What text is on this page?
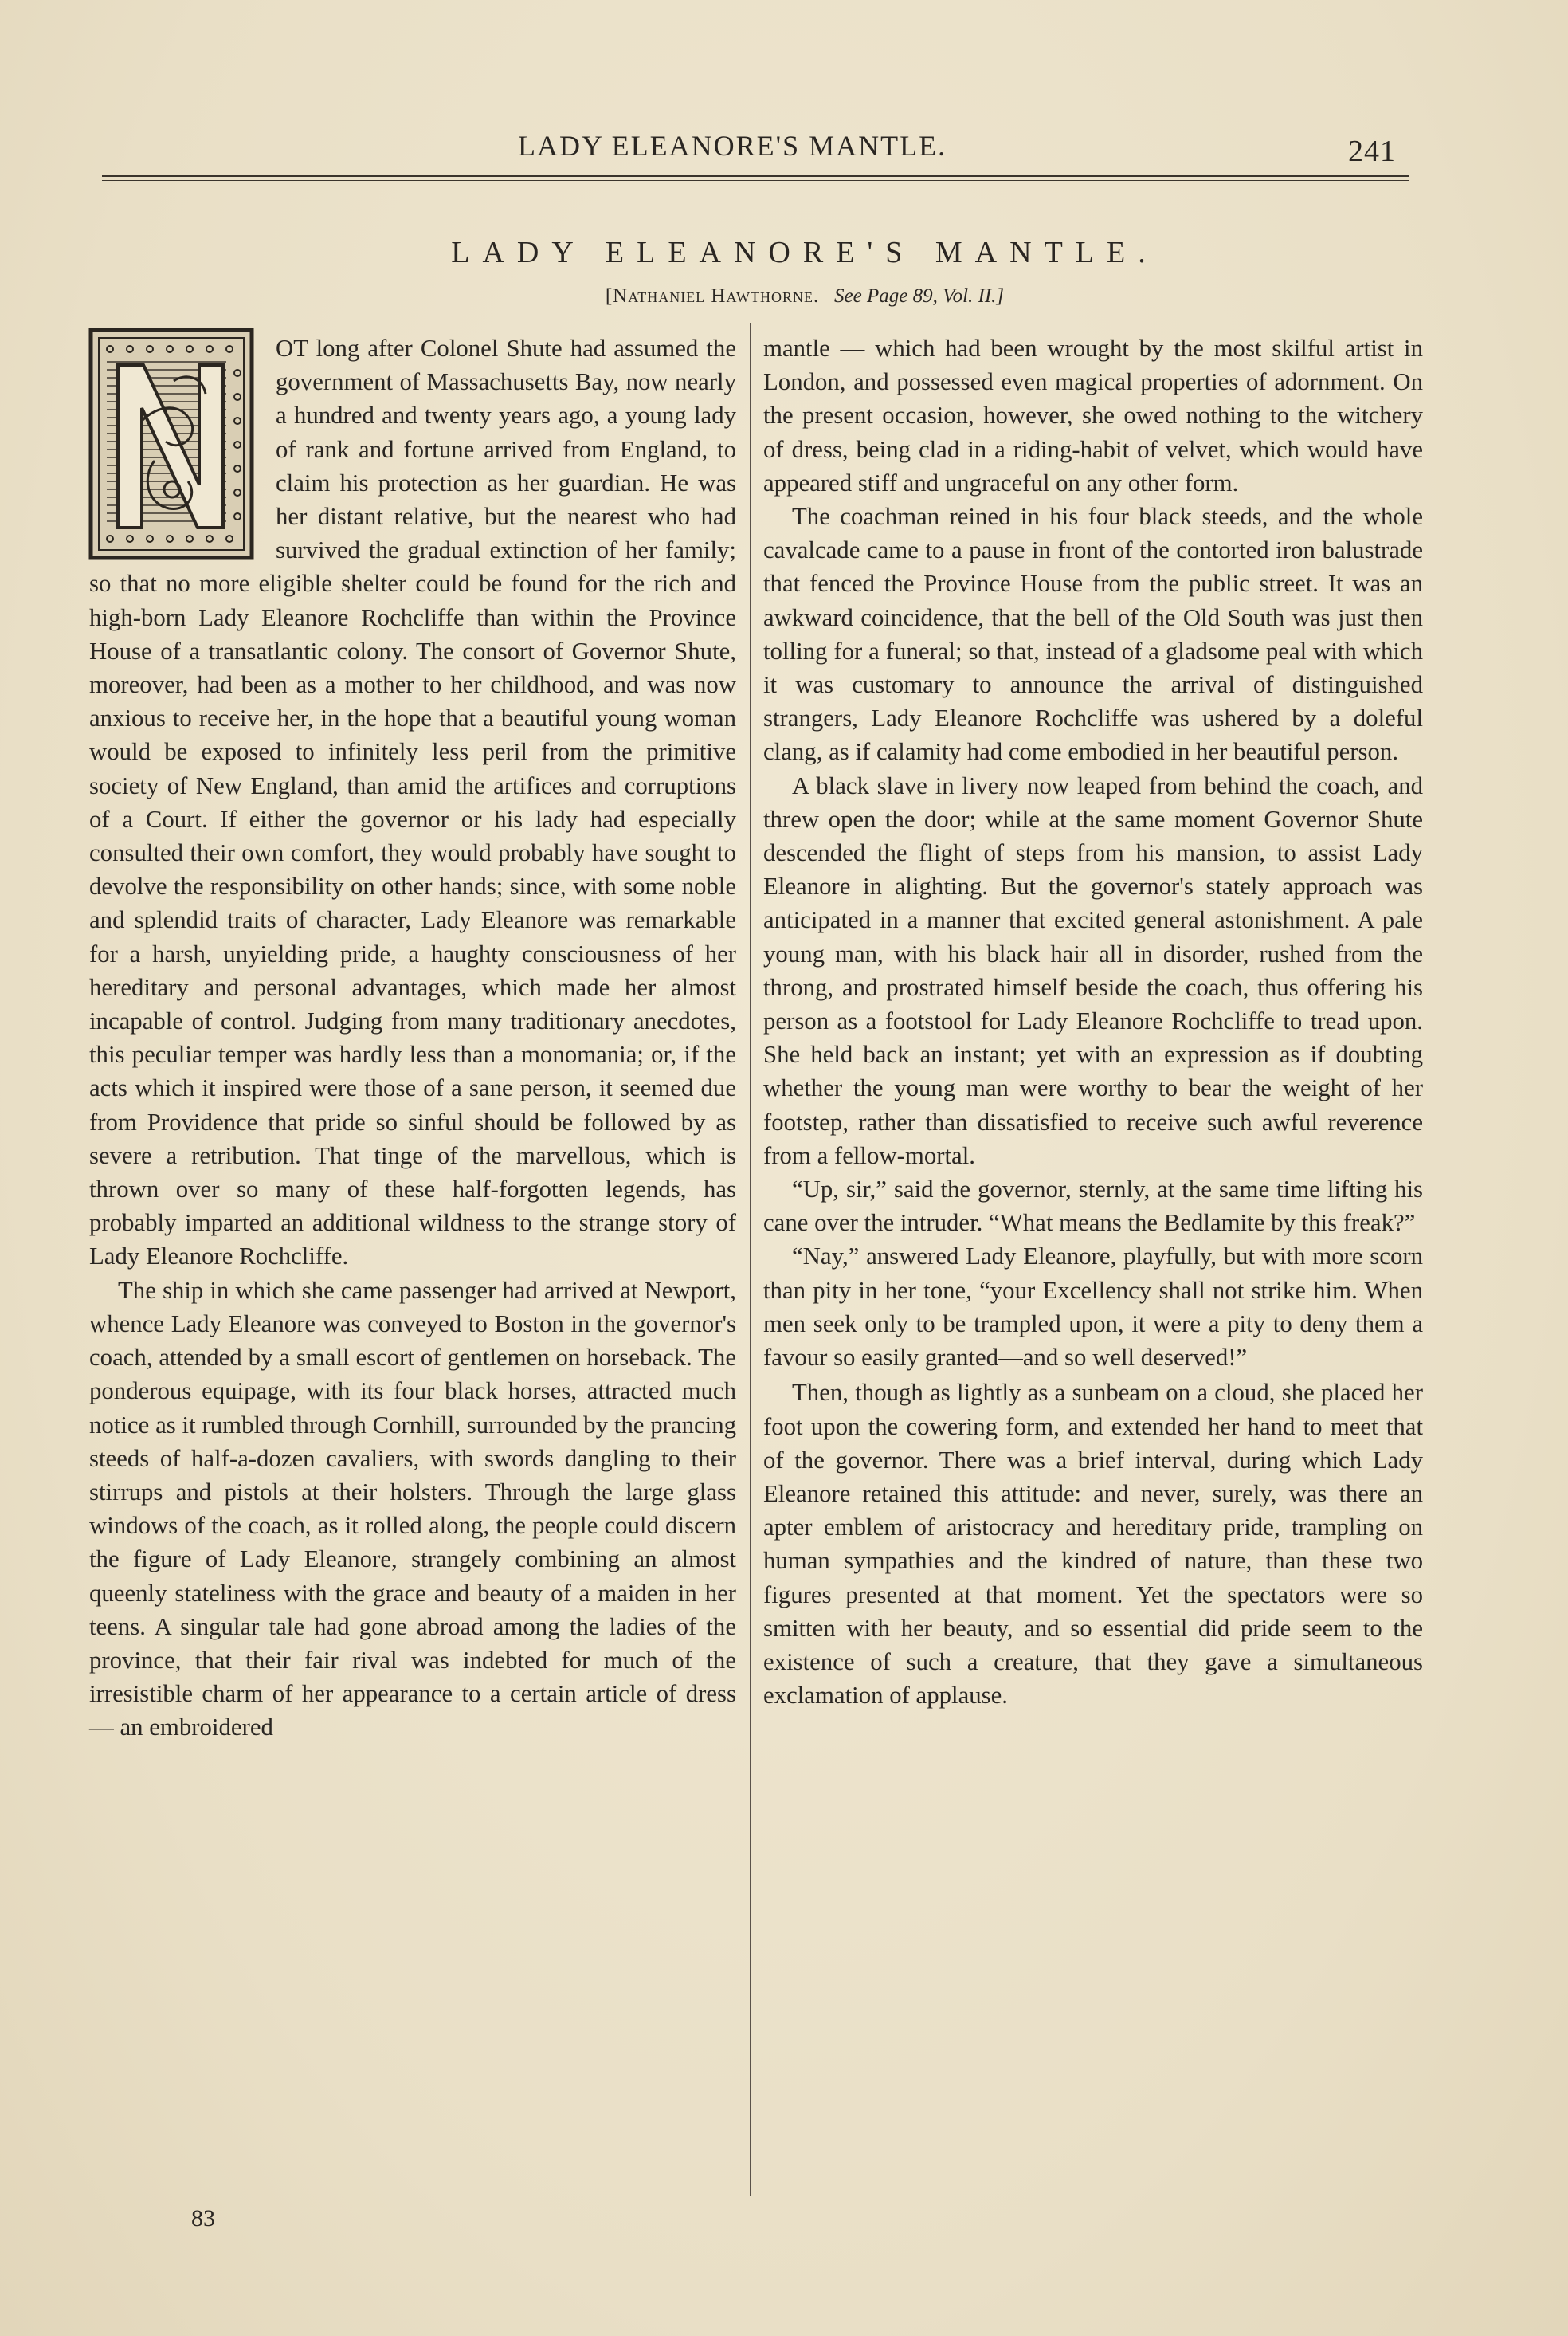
241
LADY ELEANORE'S MANTLE.
LADY ELEANORE'S MANTLE.
[Nathaniel Hawthorne. See Page 89, Vol. II.]

OT long after Colonel Shute had assumed the government of Massachusetts Bay, now nearly a hundred and twenty years ago, a young lady of rank and fortune arrived from England, to claim his protection as her guardian. He was her distant relative, but the nearest who had survived the gradual extinction of her family; so that no more eligible shelter could be found for the rich and high-born Lady Eleanore Rochcliffe than within the Province House of a transatlantic colony. The consort of Governor Shute, moreover, had been as a mother to her childhood, and was now anxious to receive her, in the hope that a beautiful young woman would be exposed to infinitely less peril from the primitive society of New England, than amid the artifices and corruptions of a Court. If either the governor or his lady had especially consulted their own comfort, they would probably have sought to devolve the responsibility on other hands; since, with some noble and splendid traits of character, Lady Eleanore was remarkable for a harsh, unyielding pride, a haughty consciousness of her hereditary and personal advantages, which made her almost incapable of control. Judging from many traditionary anecdotes, this peculiar temper was hardly less than a monomania; or, if the acts which it inspired were those of a sane person, it seemed due from Providence that pride so sinful should be followed by as severe a retribution. That tinge of the marvellous, which is thrown over so many of these half-forgotten legends, has probably imparted an additional wildness to the strange story of Lady Eleanore Rochcliffe.

The ship in which she came passenger had arrived at Newport, whence Lady Eleanore was conveyed to Boston in the governor's coach, attended by a small escort of gentlemen on horseback. The ponderous equipage, with its four black horses, attracted much notice as it rumbled through Cornhill, surrounded by the prancing steeds of half-a-dozen cavaliers, with swords dangling to their stirrups and pistols at their holsters. Through the large glass windows of the coach, as it rolled along, the people could discern the figure of Lady Eleanore, strangely combining an almost queenly stateliness with the grace and beauty of a maiden in her teens. A singular tale had gone abroad among the ladies of the province, that their fair rival was indebted for much of the irresistible charm of her appearance to a certain article of dress — an embroidered

mantle — which had been wrought by the most skilful artist in London, and possessed even magical properties of adornment. On the present occasion, however, she owed nothing to the witchery of dress, being clad in a riding-habit of velvet, which would have appeared stiff and ungraceful on any other form.

The coachman reined in his four black steeds, and the whole cavalcade came to a pause in front of the contorted iron balustrade that fenced the Province House from the public street. It was an awkward coincidence, that the bell of the Old South was just then tolling for a funeral; so that, instead of a gladsome peal with which it was customary to announce the arrival of distinguished strangers, Lady Eleanore Rochcliffe was ushered by a doleful clang, as if calamity had come embodied in her beautiful person.

A black slave in livery now leaped from behind the coach, and threw open the door; while at the same moment Governor Shute descended the flight of steps from his mansion, to assist Lady Eleanore in alighting. But the governor's stately approach was anticipated in a manner that excited general astonishment. A pale young man, with his black hair all in disorder, rushed from the throng, and prostrated himself beside the coach, thus offering his person as a footstool for Lady Eleanore Rochcliffe to tread upon. She held back an instant; yet with an expression as if doubting whether the young man were worthy to bear the weight of her footstep, rather than dissatisfied to receive such awful reverence from a fellow-mortal.

“Up, sir,” said the governor, sternly, at the same time lifting his cane over the intruder. “What means the Bedlamite by this freak?”

“Nay,” answered Lady Eleanore, playfully, but with more scorn than pity in her tone, “your Excellency shall not strike him. When men seek only to be trampled upon, it were a pity to deny them a favour so easily granted—and so well deserved!”

Then, though as lightly as a sunbeam on a cloud, she placed her foot upon the cowering form, and extended her hand to meet that of the governor. There was a brief interval, during which Lady Eleanore retained this attitude: and never, surely, was there an apter emblem of aristocracy and hereditary pride, trampling on human sympathies and the kindred of nature, than these two figures presented at that moment. Yet the spectators were so smitten with her beauty, and so essential did pride seem to the existence of such a creature, that they gave a simultaneous exclamation of applause.

83
